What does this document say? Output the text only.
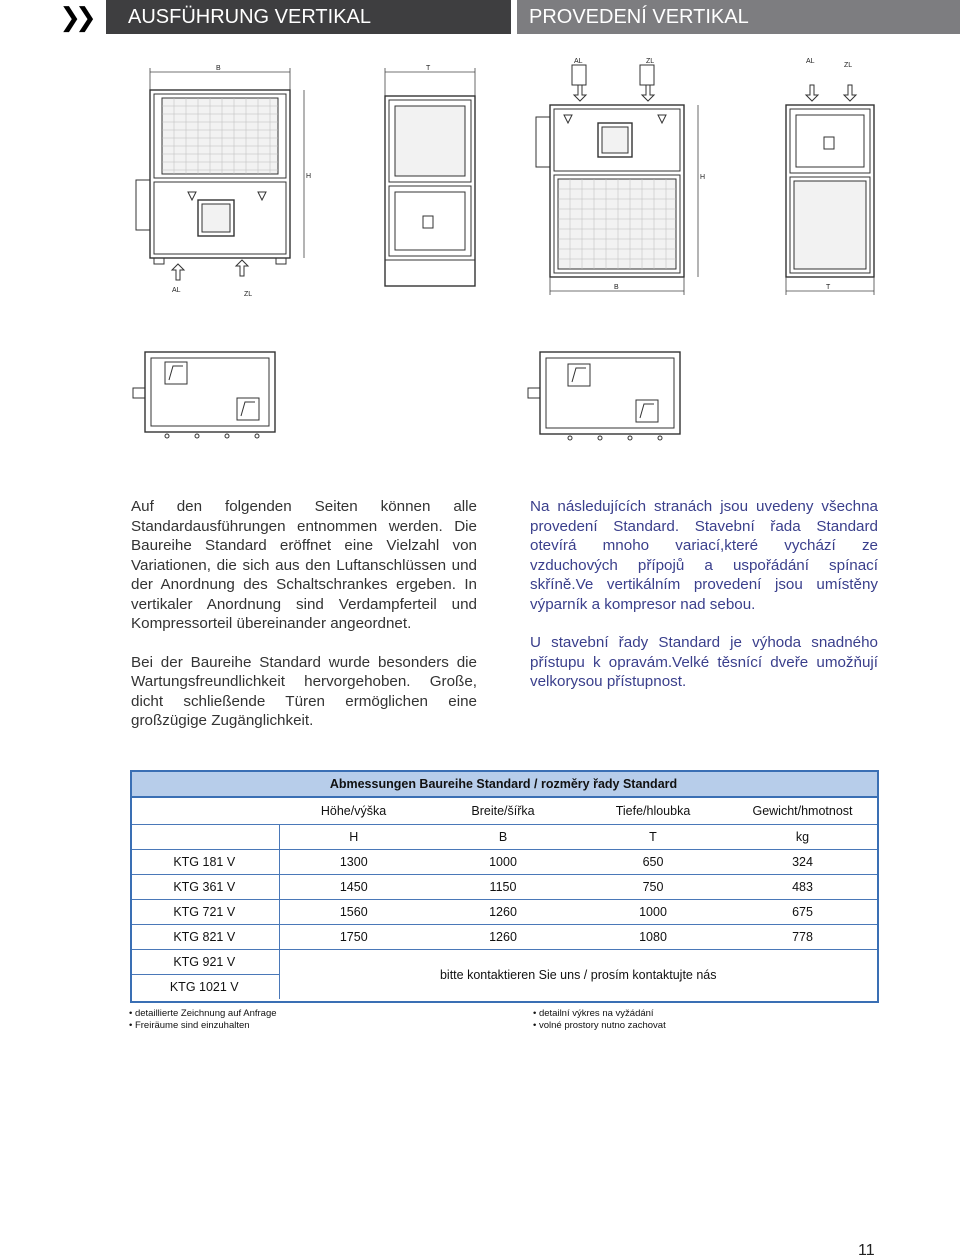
❯❯	AUSFÜHRUNG VERTIKAL	PROVEDENÍ VERTIKAL
B
H
AL
ZL
T
AL	ZL
H
B
AL
ZL
T

Auf den folgenden Seiten können alle Standardausführungen entnommen werden. Die Baureihe Standard eröffnet eine Vielzahl von Variationen, die sich aus den Luftanschlüssen und der Anordnung des Schaltschrankes ergeben. In vertikaler Anordnung sind Verdampferteil und Kompressorteil übereinander angeordnet.

Bei der Baureihe Standard wurde besonders die Wartungsfreundlichkeit hervorgehoben. Große, dicht schließende Türen ermöglichen eine großzügige Zugänglichkeit.

Na následujících stranách jsou uvedeny všechna provedení Standard. Stavební řada Standard otevírá mnoho variací,které vychází ze vzduchových přípojů a uspořádání spínací skříně.Ve vertikálním provedení jsou umístěny výparník a kompresor nad sebou.

U stavební řady Standard je výhoda snadného přístupu k opravám.Velké těsnící dveře umožňují velkorysou přístupnost.

Abmessungen Baureihe Standard / rozměry řady Standard				
	Höhe/výška	Breite/šířka	Tiefe/hloubka	Gewicht/hmotnost
	H	B	T	kg
KTG 181 V	1300	1000	650	324
KTG 361 V	1450	1150	750	483
KTG 721 V	1560	1260	1000	675
KTG 821 V	1750	1260	1080	778
KTG 921 V	bitte kontaktieren Sie uns / prosím kontaktujte nás			
KTG 1021 V				
• detaillierte Zeichnung auf Anfrage
• Freiräume sind einzuhalten
• detailní výkres na vyžádání
• volné prostory nutno zachovat
11
